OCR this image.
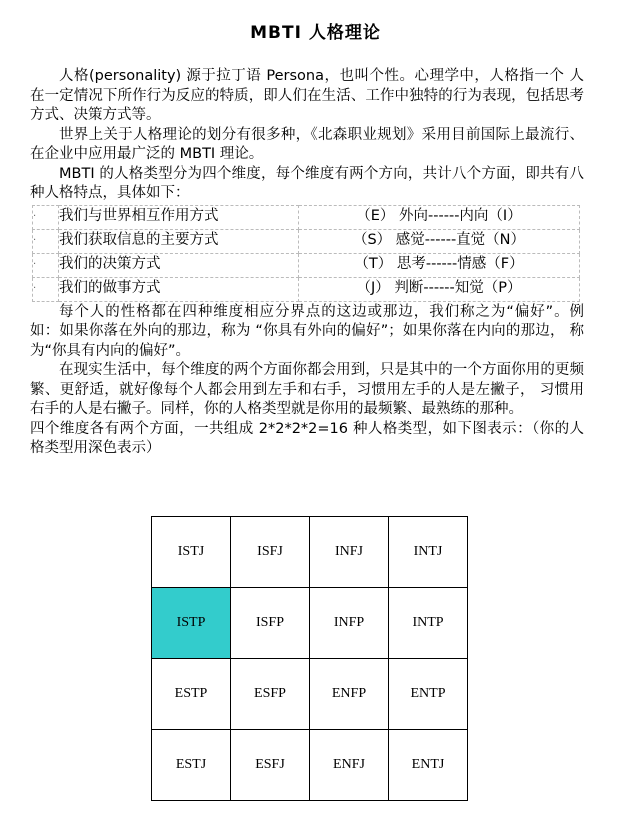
MBTI 人格理论

人格(personality) 源于拉丁语 Persona，也叫个性。心理学中，人格指一个 人在一定情况下所作行为反应的特质，即人们在生活、工作中独特的行为表现，包括思考方式、决策方式等。

世界上关于人格理论的划分有很多种，《北森职业规划》采用目前国际上最流行、在企业中应用最广泛的 MBTI 理论。

MBTI 的人格类型分为四个维度，每个维度有两个方向，共计八个方面，即共有八种人格特点，具体如下：

·	我们与世界相互作用方式	（E） 外向------内向（I）
·	我们获取信息的主要方式	（S） 感觉------直觉（N）
·	我们的决策方式	（T） 思考------情感（F）
·	我们的做事方式	（J） 判断------知觉（P）

每个人的性格都在四种维度相应分界点的这边或那边，我们称之为“偏好”。例 如：如果你落在外向的那边，称为 “你具有外向的偏好”；如果你落在内向的那边， 称为“你具有内向的偏好”。

在现实生活中，每个维度的两个方面你都会用到，只是其中的一个方面你用的更频繁、更舒适，就好像每个人都会用到左手和右手，习惯用左手的人是左撇子， 习惯用右手的人是右撇子。同样，你的人格类型就是你用的最频繁、最熟练的那种。

四个维度各有两个方面，一共组成 2*2*2*2=16 种人格类型，如下图表示：（你的人格类型用深色表示）

ISTJ	ISFJ	INFJ	INTJ
ISTP	ISFP	INFP	INTP
ESTP	ESFP	ENFP	ENTP
ESTJ	ESFJ	ENFJ	ENTJ
